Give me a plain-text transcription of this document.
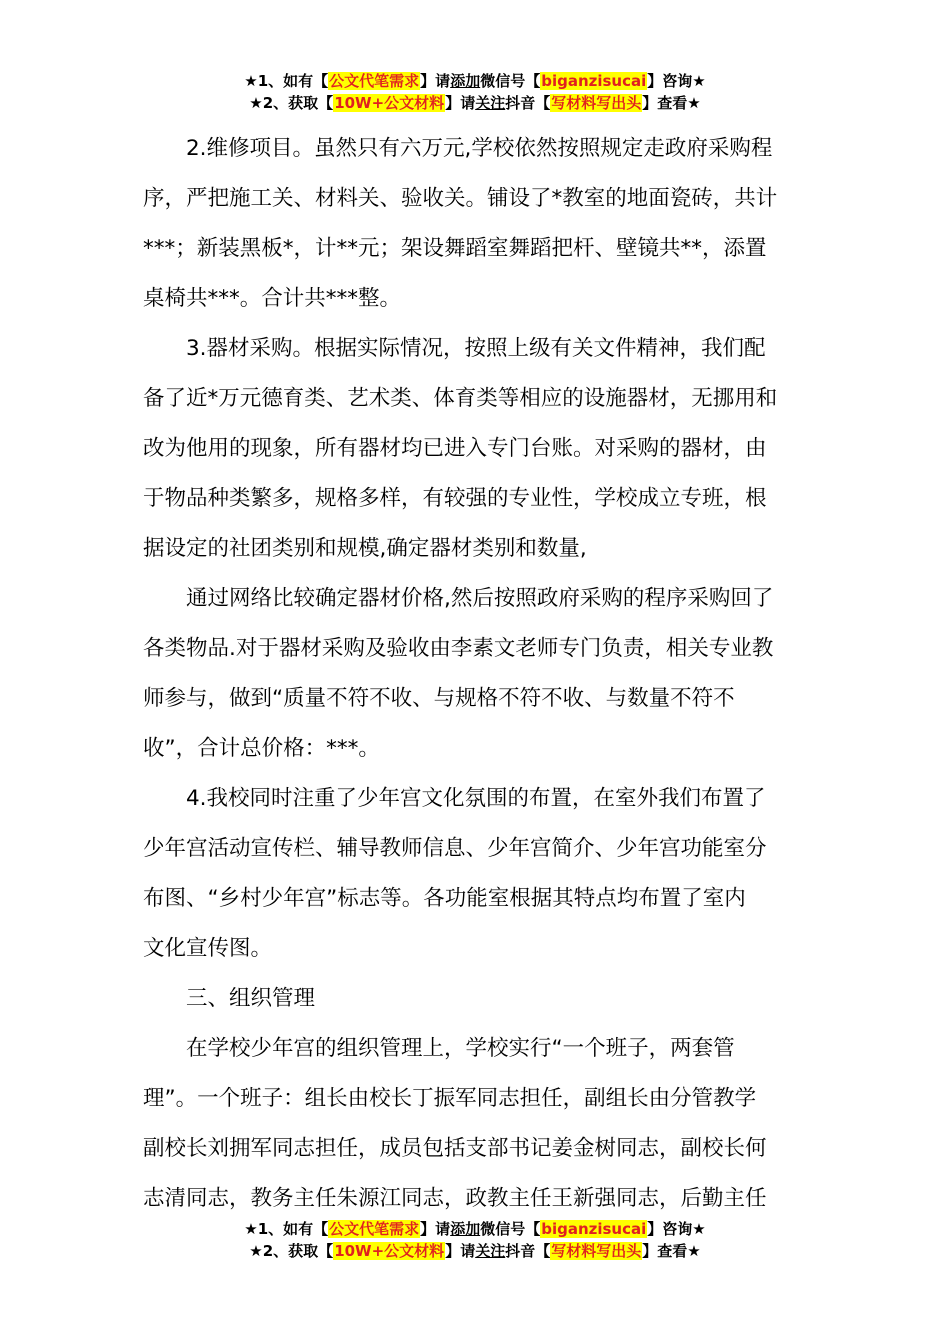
★1、如有【公文代笔需求】请添加微信号【biganzisucai】咨询★
★2、获取【10W+公文材料】请关注抖音【写材料写出头】查看★

2.维修项目。虽然只有六万元,学校依然按照规定走政府采购程
序，严把施工关、材料关、验收关。铺设了*教室的地面瓷砖，共计
***；新装黑板*，计**元；架设舞蹈室舞蹈把杆、壁镜共**，添置
桌椅共***。合计共***整。

3.器材采购。根据实际情况，按照上级有关文件精神，我们配
备了近*万元德育类、艺术类、体育类等相应的设施器材，无挪用和
改为他用的现象，所有器材均已进入专门台账。对采购的器材，由
于物品种类繁多，规格多样，有较强的专业性，学校成立专班，根
据设定的社团类别和规模,确定器材类别和数量,

通过网络比较确定器材价格,然后按照政府采购的程序采购回了
各类物品.对于器材采购及验收由李素文老师专门负责，相关专业教
师参与，做到“质量不符不收、与规格不符不收、与数量不符不
收”，合计总价格：***。

4.我校同时注重了少年宫文化氛围的布置，在室外我们布置了
少年宫活动宣传栏、辅导教师信息、少年宫简介、少年宫功能室分
布图、“乡村少年宫”标志等。各功能室根据其特点均布置了室内
文化宣传图。

三、组织管理

在学校少年宫的组织管理上，学校实行“一个班子，两套管
理”。一个班子：组长由校长丁振军同志担任，副组长由分管教学
副校长刘拥军同志担任，成员包括支部书记姜金树同志，副校长何
志清同志，教务主任朱源江同志，政教主任王新强同志，后勤主任

★1、如有【公文代笔需求】请添加微信号【biganzisucai】咨询★
★2、获取【10W+公文材料】请关注抖音【写材料写出头】查看★
